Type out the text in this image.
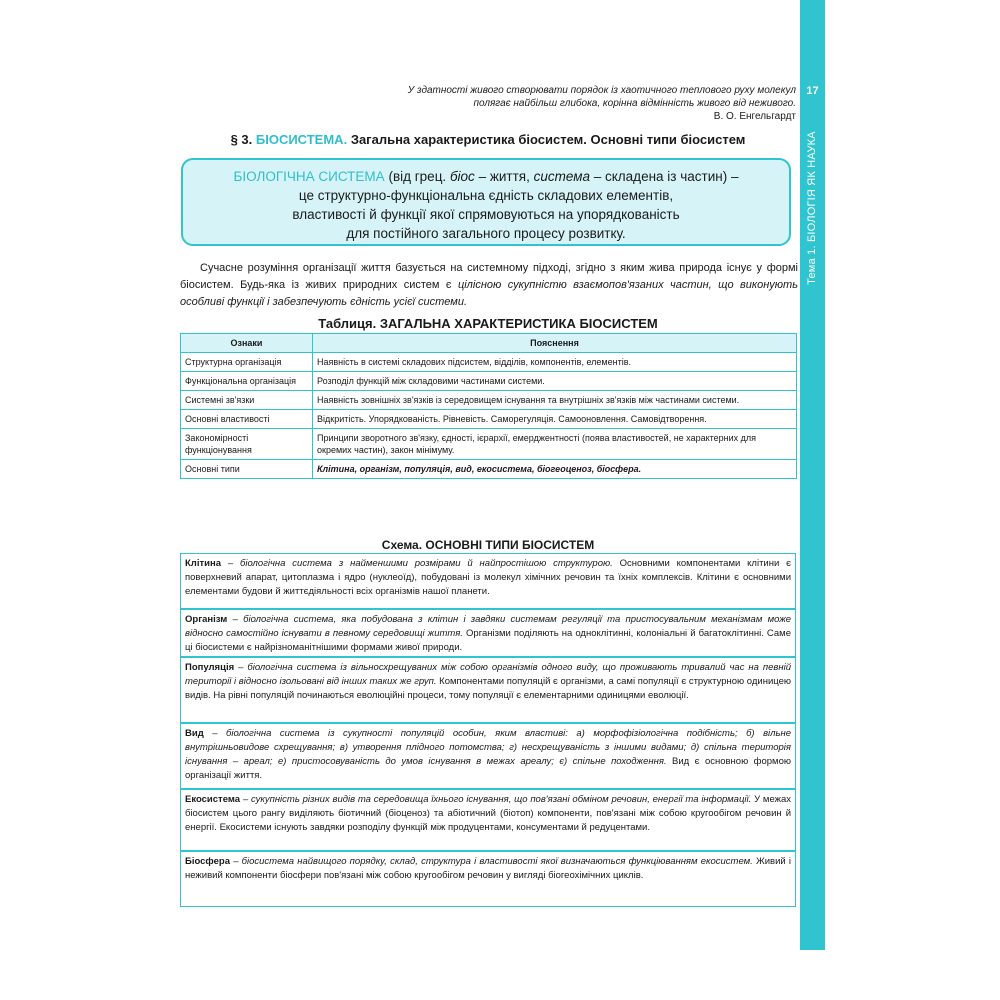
17
Тема 1. БІОЛОГІЯ ЯК НАУКА
У здатності живого створювати порядок із хаотичного теплового руху молекул
полягає найбільш глибока, корінна відмінність живого від неживого.
В. О. Енгельгардт
§ 3. БІОСИСТЕМА. Загальна характеристика біосистем. Основні типи біосистем
БІОЛОГІЧНА СИСТЕМА (від грец. біос – життя, система – складена із частин) –
це структурно-функціональна єдність складових елементів,
властивості й функції якої спрямовуються на упорядкованість
для постійного загального процесу розвитку.

Сучасне розуміння організації життя базується на системному підході, згідно з яким жива природа існує у формі біосистем. Будь-яка із живих природних систем є цілісною сукупністю взаємопов'язаних частин, що виконують особливі функції і забезпечують єдність усієї системи.

Таблиця. ЗАГАЛЬНА ХАРАКТЕРИСТИКА БІОСИСТЕМ
Ознаки	Пояснення
Структурна організація	Наявність в системі складових підсистем, відділів, компонентів, елементів.
Функціональна організація	Розподіл функцій між складовими частинами системи.
Системні зв'язки	Наявність зовнішніх зв'язків із середовищем існування та внутрішніх зв'язків між частинами системи.
Основні властивості	Відкритість. Упорядкованість. Рівневість. Саморегуляція. Самооновлення. Самовідтворення.
Закономірності функціонування	Принципи зворотного зв'язку, єдності, ієрархії, емерджентності (поява властивостей, не характерних для окремих частин), закон мінімуму.
Основні типи	Клітина, організм, популяція, вид, екосистема, біогеоценоз, біосфера.
Схема. ОСНОВНІ ТИПИ БІОСИСТЕМ
Клітина – біологічна система з найменшими розмірами й найпростішою структурою. Основними компонентами клітини є поверхневий апарат, цитоплазма і ядро (нуклеоїд), побудовані із молекул хімічних речовин та їхніх комплексів. Клітини є основними елементами будови й життєдіяльності всіх організмів нашої планети.
Організм – біологічна система, яка побудована з клітин і завдяки системам регуляції та пристосувальним механізмам може відносно самостійно існувати в певному середовищі життя. Організми поділяють на одноклітинні, колоніальні й багатоклітинні. Саме ці біосистеми є найрізноманітнішими формами живої природи.
Популяція – біологічна система із вільносхрещуваних між собою організмів одного виду, що проживають тривалий час на певній території і відносно ізольовані від інших таких же груп. Компонентами популяцій є організми, а самі популяції є структурною одиницею видів. На рівні популяцій починаються еволюційні процеси, тому популяції є елементарними одиницями еволюції.
Вид – біологічна система із сукупності популяцій особин, яким властиві: а) морфофізіологічна подібність; б) вільне внутрішньовидове схрещування; в) утворення плідного потомства; г) несхрещуваність з іншими видами; д) спільна територія існування – ареал; е) пристосовуваність до умов існування в межах ареалу; є) спільне походження. Вид є основною формою організації життя.
Екосистема – сукупність різних видів та середовища їхнього існування, що пов'язані обміном речовин, енергії та інформації. У межах біосистем цього рангу виділяють біотичний (біоценоз) та абіотичний (біотоп) компоненти, пов'язані між собою кругообігом речовин й енергії. Екосистеми існують завдяки розподілу функцій між продуцентами, консументами й редуцентами.
Біосфера – біосистема найвищого порядку, склад, структура і властивості якої визначаються функціюванням екосистем. Живий і неживий компоненти біосфери пов'язані між собою кругообігом речовин у вигляді біогеохімічних циклів.
